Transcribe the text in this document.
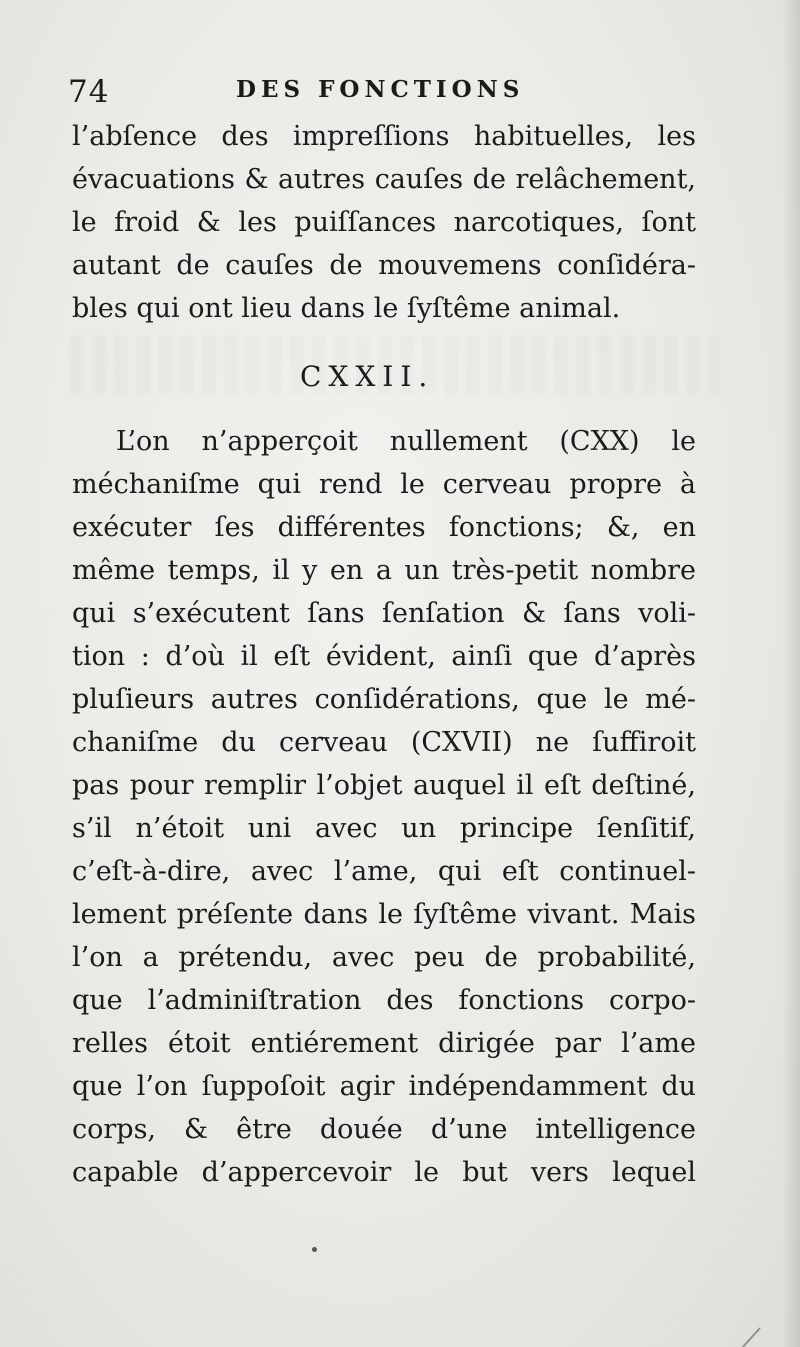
74	DES FONCTIONS
l’abſence des impreſſions habituelles, les
évacuations & autres cauſes de relâchement,
le froid & les puiſſances narcotiques, ſont
autant de cauſes de mouvemens conſidéra-
bles qui ont lieu dans le ſyſtême animal.
CXXII.
L’on n’apperçoit nullement (CXX) le
méchaniſme qui rend le cerveau propre à
exécuter ſes différentes fonctions; &, en
même temps, il y en a un très-petit nombre
qui s’exécutent ſans ſenſation & ſans voli-
tion : d’où il eſt évident, ainſi que d’après
pluſieurs autres conſidérations, que le mé-
chaniſme du cerveau (CXVII) ne ſuffiroit
pas pour remplir l’objet auquel il eſt deſtiné,
s’il n’étoit uni avec un principe ſenſitif,
c’eſt-à-dire, avec l’ame, qui eſt continuel-
lement préſente dans le ſyſtême vivant. Mais
l’on a prétendu, avec peu de probabilité,
que l’adminiſtration des fonctions corpo-
relles étoit entiérement dirigée par l’ame
que l’on ſuppoſoit agir indépendamment du
corps, & être douée d’une intelligence
capable d’appercevoir le but vers lequel
